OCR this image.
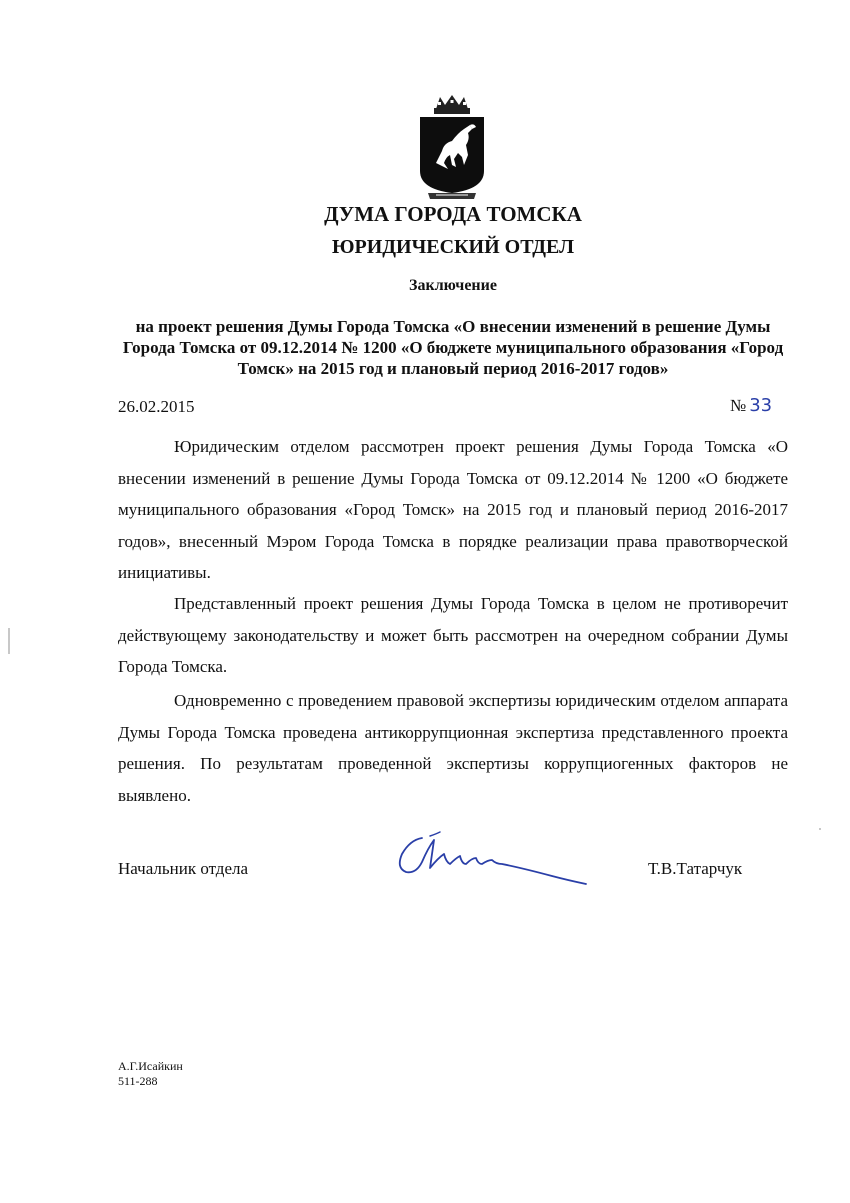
ДУМА ГОРОДА ТОМСКА
ЮРИДИЧЕСКИЙ ОТДЕЛ
Заключение
на проект решения Думы Города Томска «О внесении изменений в решение Думы Города Томска от 09.12.2014 № 1200 «О бюджете муниципального образования «Город Томск» на 2015 год и плановый период 2016-2017 годов»
26.02.2015	№ 33
Юридическим отделом рассмотрен проект решения Думы Города Томска «О внесении изменений в решение Думы Города Томска от 09.12.2014 № 1200 «О бюджете муниципального образования «Город Томск» на 2015 год и плановый период 2016-2017 годов», внесенный Мэром Города Томска в порядке реализации права правотворческой инициативы.
Представленный проект решения Думы Города Томска в целом не противоречит действующему законодательству и может быть рассмотрен на очередном собрании Думы Города Томска.
Одновременно с проведением правовой экспертизы юридическим отделом аппарата Думы Города Томска проведена антикоррупционная экспертиза представленного проекта решения. По результатам проведенной экспертизы коррупциогенных факторов не выявлено.
Начальник отдела	Т.В.Татарчук
А.Г.Исайкин
511-288
